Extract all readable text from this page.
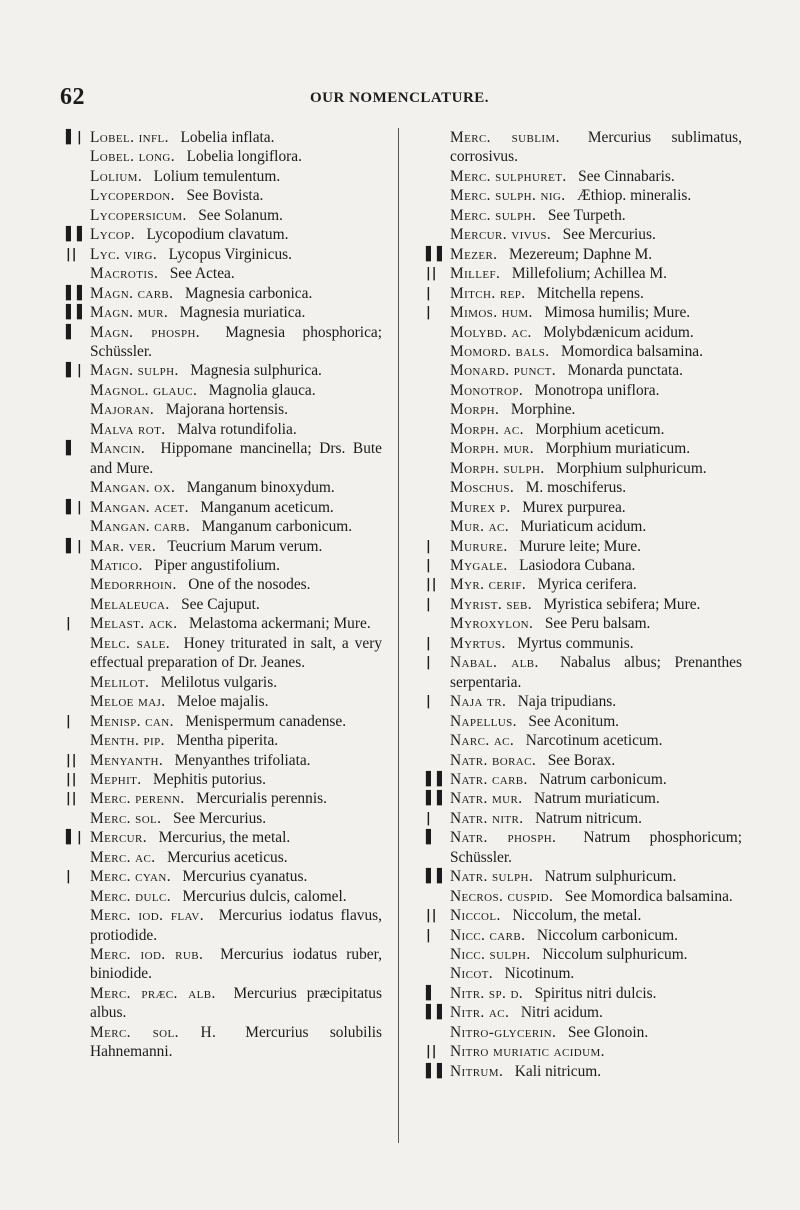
62	OUR NOMENCLATURE.
▌| Lobel. infl.  Lobelia inflata.
Lobel. long.  Lobelia longiflora.
Lolium.  Lolium temulentum.
Lycoperdon.  See Bovista.
Lycopersicum.  See Solanum.
▌▌ Lycop.  Lycopodium clavatum.
|| Lyc. virg.  Lycopus Virginicus.
Macrotis.  See Actea.
▌▌ Magn. carb.  Magnesia carbonica.
▌▌ Magn. mur.  Magnesia muriatica.
▌ Magn. phosph.  Magnesia phosphorica; Schüssler.
▌| Magn. sulph.  Magnesia sulphurica.
Magnol. glauc.  Magnolia glauca.
Majoran.  Majorana hortensis.
Malva rot.  Malva rotundifolia.
▌ Mancin.  Hippomane mancinella; Drs. Bute and Mure.
Mangan. ox.  Manganum binoxydum.
▌| Mangan. acet.  Manganum aceticum.
Mangan. carb.  Manganum carbonicum.
▌| Mar. ver.  Teucrium Marum verum.
Matico.  Piper angustifolium.
Medorrhoin.  One of the nosodes.
Melaleuca.  See Cajuput.
| Melast. ack.  Melastoma ackermani; Mure.
Melc. sale.  Honey triturated in salt, a very effectual preparation of Dr. Jeanes.
Melilot.  Melilotus vulgaris.
Meloe maj.  Meloe majalis.
| Menisp. can.  Menispermum canadense.
Menth. pip.  Mentha piperita.
|| Menyanth.  Menyanthes trifoliata.
|| Mephit.  Mephitis putorius.
|| Merc. perenn.  Mercurialis perennis.
Merc. sol.  See Mercurius.
▌| Mercur.  Mercurius, the metal.
Merc. ac.  Mercurius aceticus.
| Merc. cyan.  Mercurius cyanatus.
Merc. dulc.  Mercurius dulcis, calomel.
Merc. iod. flav.  Mercurius iodatus flavus, protiodide.
Merc. iod. rub.  Mercurius iodatus ruber, biniodide.
Merc. præc. alb.  Mercurius præcipitatus albus.
Merc. sol. H.  Mercurius solubilis Hahnemanni.
Merc. sublim.  Mercurius sublimatus, corrosivus.
Merc. sulphuret.  See Cinnabaris.
Merc. sulph. nig.  Æthiop. mineralis.
Merc. sulph.  See Turpeth.
Mercur. vivus.  See Mercurius.
▌▌ Mezer.  Mezereum; Daphne M.
|| Millef.  Millefolium; Achillea M.
| Mitch. rep.  Mitchella repens.
| Mimos. hum.  Mimosa humilis; Mure.
Molybd. ac.  Molybdænicum acidum.
Momord. bals.  Momordica balsamina.
Monard. punct.  Monarda punctata.
Monotrop.  Monotropa uniflora.
Morph.  Morphine.
Morph. ac.  Morphium aceticum.
Morph. mur.  Morphium muriaticum.
Morph. sulph.  Morphium sulphuricum.
Moschus.  M. moschiferus.
Murex p.  Murex purpurea.
Mur. ac.  Muriaticum acidum.
| Murure.  Murure leite; Mure.
| Mygale.  Lasiodora Cubana.
|| Myr. cerif.  Myrica cerifera.
| Myrist. seb.  Myristica sebifera; Mure.
Myroxylon.  See Peru balsam.
| Myrtus.  Myrtus communis.
| Nabal. alb.  Nabalus albus; Prenanthes serpentaria.
| Naja tr.  Naja tripudians.
Napellus.  See Aconitum.
Narc. ac.  Narcotinum aceticum.
Natr. borac.  See Borax.
▌▌ Natr. carb.  Natrum carbonicum.
▌▌ Natr. mur.  Natrum muriaticum.
| Natr. nitr.  Natrum nitricum.
▌ Natr. phosph.  Natrum phosphoricum; Schüssler.
▌▌ Natr. sulph.  Natrum sulphuricum.
Necros. cuspid.  See Momordica balsamina.
|| Niccol.  Niccolum, the metal.
| Nicc. carb.  Niccolum carbonicum.
Nicc. sulph.  Niccolum sulphuricum.
Nicot.  Nicotinum.
▌ Nitr. sp. d.  Spiritus nitri dulcis.
▌▌ Nitr. ac.  Nitri acidum.
Nitro-glycerin.  See Glonoin.
|| Nitro muriatic acidum. 
▌▌ Nitrum.  Kali nitricum.
